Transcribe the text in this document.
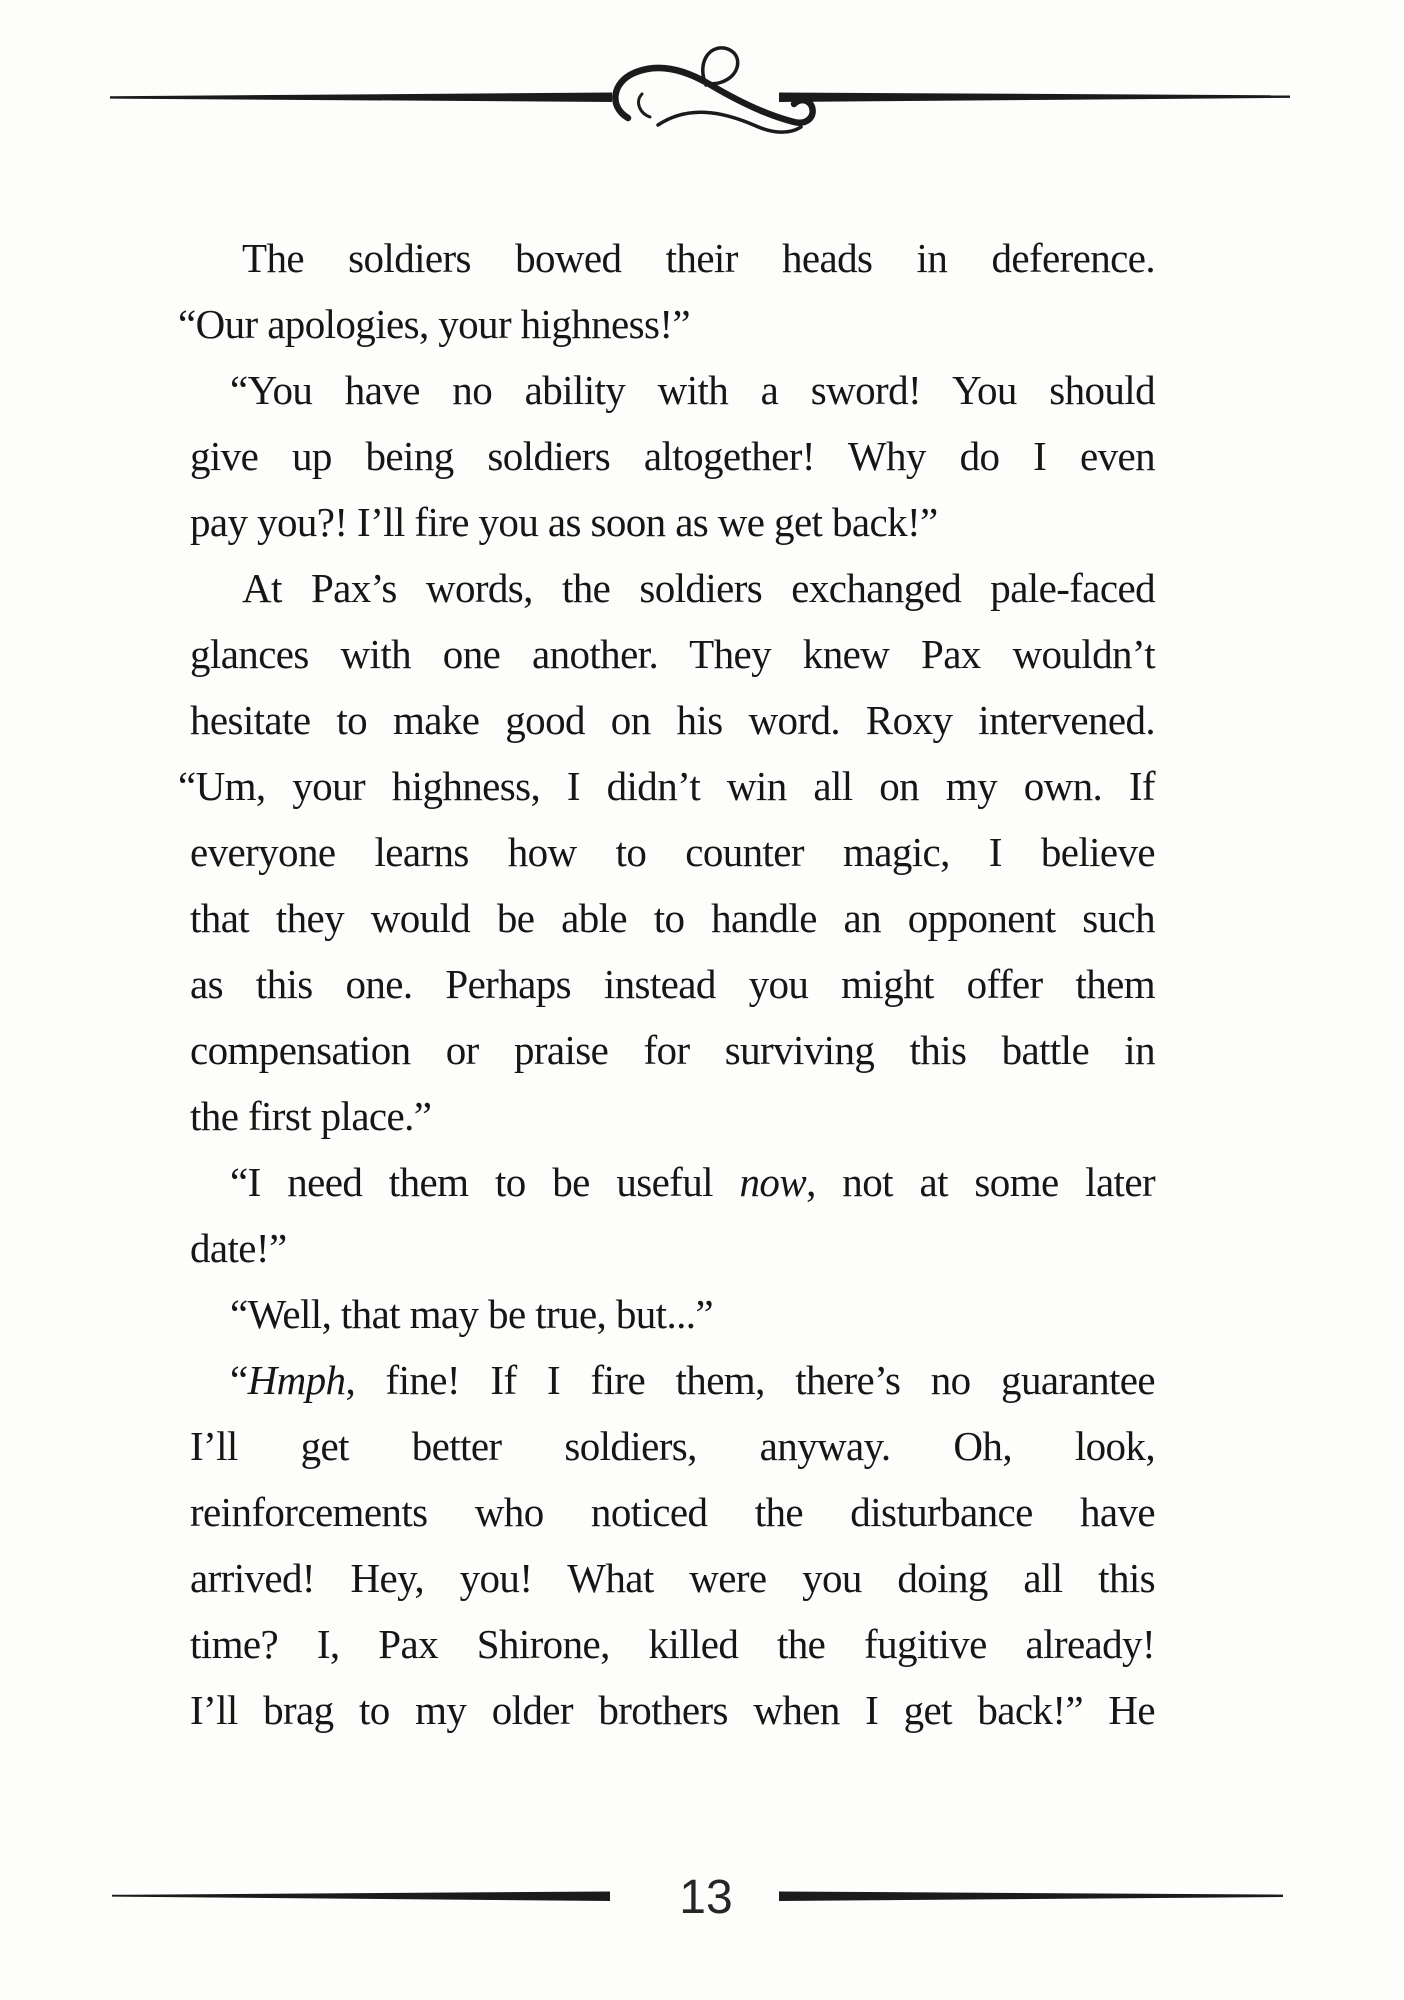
The soldiers bowed their heads in deference.
“Our apologies, your highness!”
“You have no ability with a sword! You should
give up being soldiers altogether! Why do I even
pay you?! I’ll fire you as soon as we get back!”
At Pax’s words, the soldiers exchanged pale-faced
glances with one another. They knew Pax wouldn’t
hesitate to make good on his word. Roxy intervened.
“Um, your highness, I didn’t win all on my own. If
everyone learns how to counter magic, I believe
that they would be able to handle an opponent such
as this one. Perhaps instead you might offer them
compensation or praise for surviving this battle in
the first place.”
“I need them to be useful now, not at some later
date!”
“Well, that may be true, but...”
“Hmph, fine! If I fire them, there’s no guarantee
I’ll get better soldiers, anyway. Oh, look,
reinforcements who noticed the disturbance have
arrived! Hey, you! What were you doing all this
time? I, Pax Shirone, killed the fugitive already!
I’ll brag to my older brothers when I get back!” He
13
